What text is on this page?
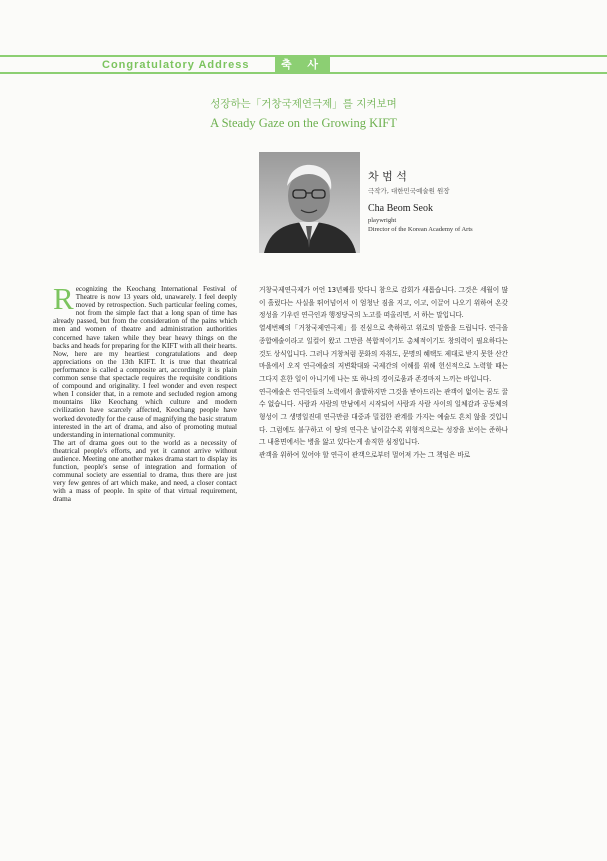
Congratulatory Address	축 사
성장하는「거창국제연극제」를 지켜보며
A Steady Gaze on the Growing KIFT
차 범 석
극작가, 대한민국예술원 원장
Cha Beom Seok
playwright
Director of the Korean Academy of Arts

Recognizing the Keochang International Festival of Theatre is now 13 years old, unawarely. I feel deeply moved by retrospection. Such particular feeling comes, not from the simple fact that a long span of time has already passed, but from the consideration of the pains which men and women of theatre and administration authorities concerned have taken while they bear heavy things on the backs and heads for preparing for the KIFT with all their hearts.

Now, here are my heartiest congratulations and deep appreciations on the 13th KIFT. It is true that theatrical performance is called a composite art, accordingly it is plain common sense that spectacle requires the requisite conditions of compound and originality. I feel wonder and even respect when I consider that, in a remote and secluded region among mountains like Keochang which culture and modern civilization have scarcely affected, Keochang people have worked devotedly for the cause of magnifying the basic stratum interested in the art of drama, and also of promoting mutual understanding in international community.

The art of drama goes out to the world as a necessity of theatrical people's efforts, and yet it cannot arrive without audience. Meeting one another makes drama start to display its function, people's sense of integration and formation of communal society are essential to drama, thus there are just very few genres of art which make, and need, a closer contact with a mass of people. In spite of that virtual requirement, drama

거창국제연극제가 어언 13년째를 맞다니 참으로 감회가 새롭습니다. 그것은 세월이 많이 흘렀다는 사실을 뛰어넘어서 이 엄청난 짐을 지고, 이고, 이끌어 나오기 위하여 온갖 정성을 기우린 연극인과 행정당국의 노고를 떠올리면, 서 하는 말입니다.

열세번째의「거창국제연극제」를 진심으로 축하하고 위로의 말씀을 드립니다. 연극을 종합예술이라고 일컬어 왔고 그만큼 복합적이기도 총체적이기도 창의력이 필요하다는 것도 상식입니다. 그러나 거창처럼 문화의 자취도, 문명의 혜택도 제대로 받지 못한 산간 마을에서 오직 연극예술의 저변확대와 국제간의 이해를 위해 헌신적으로 노력할 때는 그다지 흔한 일이 아니기에 나는 또 하나의 경이로움과 존경마저 느끼는 바입니다.

연극예술은 연극인들의 노력에서 출발하지만 그것을 받아드리는 관객이 없이는 꿈도 꿀 수 없습니다. 사람과 사람의 만남에서 시작되어 사람과 사람 사이의 일체감과 공동체의 형성이 그 생명일진데 연극만큼 대중과 밀접한 관계를 가지는 예술도 흔치 않을 것입니다. 그럼에도 불구하고 이 땅의 연극은 날이갈수록 위형적으로는 성장을 보이는 준하나 그 내용면에서는 병을 앓고 있다는게 솔직한 심정입니다.

관객을 위하여 있어야 할 연극이 관객으로부터 멀어져 가는 그 책임은 바로
